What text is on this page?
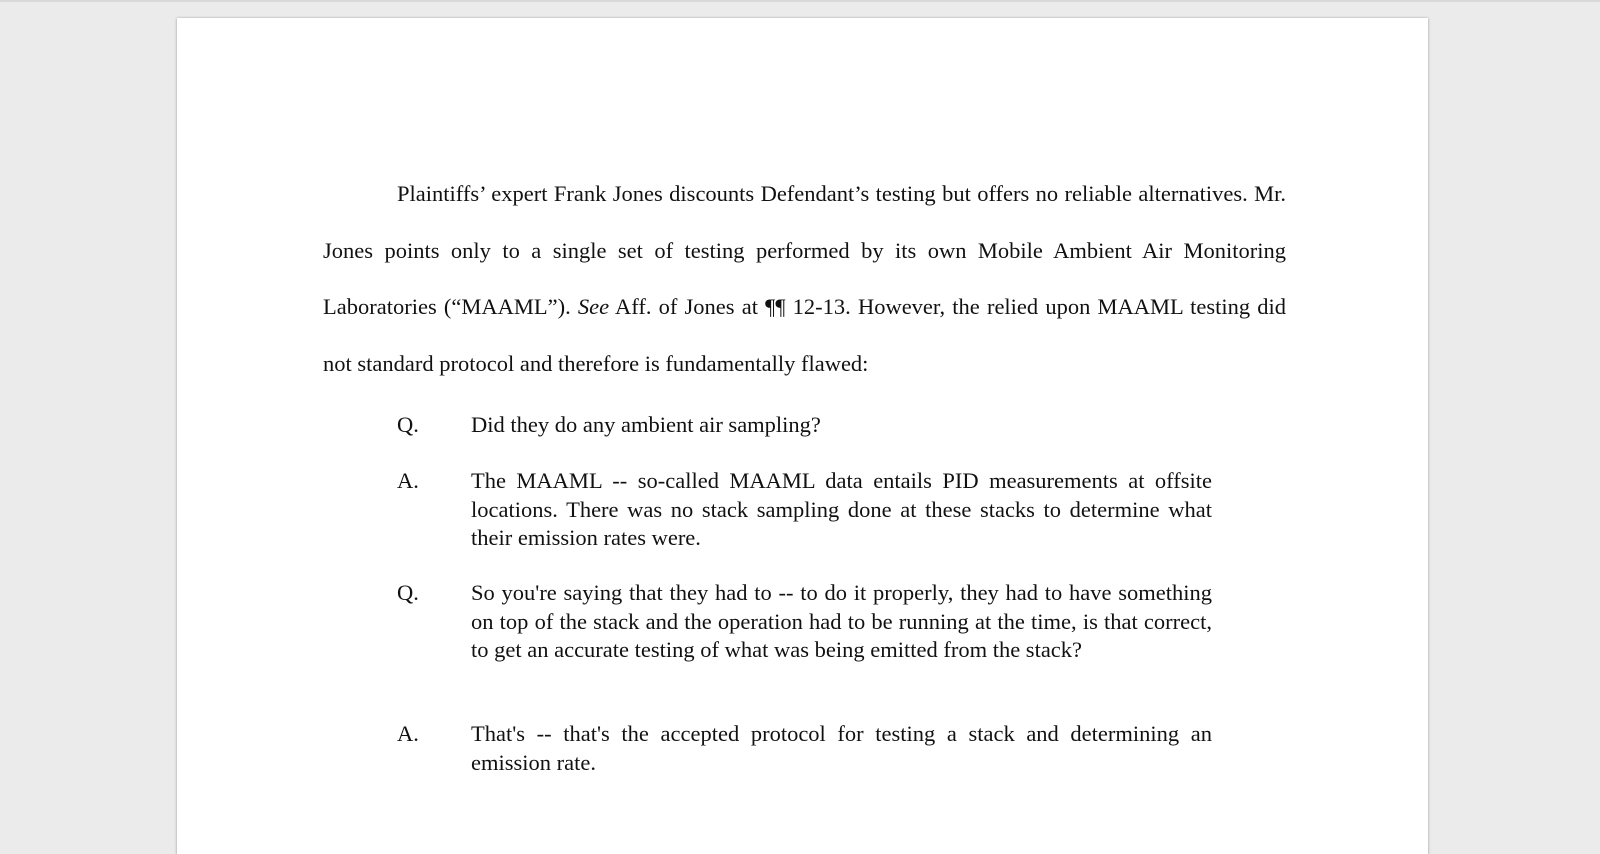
Plaintiffs’ expert Frank Jones discounts Defendant’s testing but offers no reliable alternatives. Mr. Jones points only to a single set of testing performed by its own Mobile Ambient Air Monitoring Laboratories (“MAAML”). See Aff. of Jones at ¶¶ 12-13. However, the relied upon MAAML testing did not standard protocol and therefore is fundamentally flawed:

Q. Did they do any ambient air sampling?
A. The MAAML -- so-called MAAML data entails PID measurements at offsite locations. There was no stack sampling done at these stacks to determine what their emission rates were.
Q. So you're saying that they had to -- to do it properly, they had to have something on top of the stack and the operation had to be running at the time, is that correct, to get an accurate testing of what was being emitted from the stack?
A. That's -- that's the accepted protocol for testing a stack and determining an emission rate.
